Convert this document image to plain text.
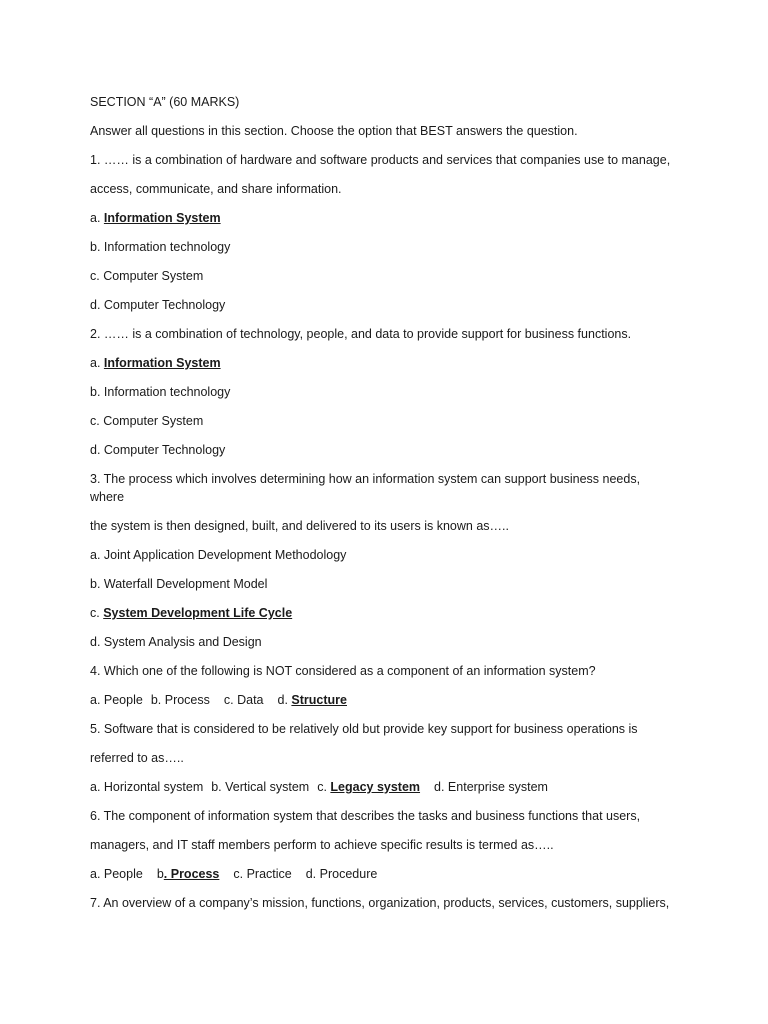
SECTION “A” (60 MARKS)
Answer all questions in this section. Choose the option that BEST answers the question.
1. …… is a combination of hardware and software products and services that companies use to manage,
access, communicate, and share information.
a. Information System
b. Information technology
c. Computer System
d. Computer Technology
2. …… is a combination of technology, people, and data to provide support for business functions.
a. Information System
b. Information technology
c. Computer System
d. Computer Technology
3. The process which involves determining how an information system can support business needs,
where
the system is then designed, built, and delivered to its users is known as…..
a. Joint Application Development Methodology
b. Waterfall Development Model
c. System Development Life Cycle
d. System Analysis and Design
4. Which one of the following is NOT considered as a component of an information system?
a. People b. Process c. Data d. Structure
5. Software that is considered to be relatively old but provide key support for business operations is
referred to as…..
a. Horizontal system b. Vertical system c. Legacy system d. Enterprise system
6. The component of information system that describes the tasks and business functions that users,
managers, and IT staff members perform to achieve specific results is termed as…..
a. People b. Process c. Practice d. Procedure
7. An overview of a company’s mission, functions, organization, products, services, customers, suppliers,
